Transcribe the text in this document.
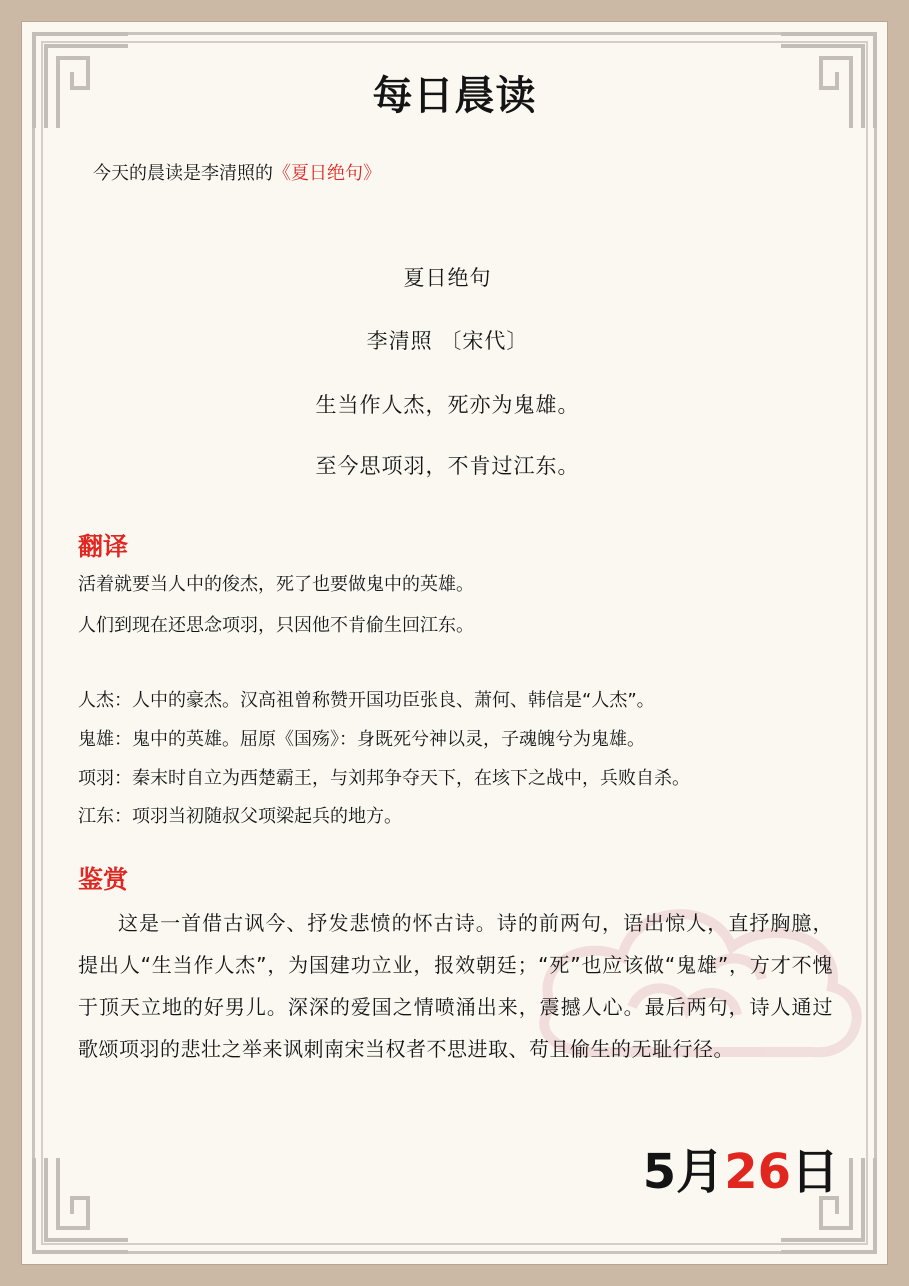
每日晨读
今天的晨读是李清照的《夏日绝句》
夏日绝句
李清照 〔宋代〕
生当作人杰，死亦为鬼雄。
至今思项羽，不肯过江东。
翻译
活着就要当人中的俊杰，死了也要做鬼中的英雄。
人们到现在还思念项羽，只因他不肯偷生回江东。
人杰：人中的豪杰。汉高祖曾称赞开国功臣张良、萧何、韩信是“人杰”。
鬼雄：鬼中的英雄。屈原《国殇》：身既死兮神以灵，子魂魄兮为鬼雄。
项羽：秦末时自立为西楚霸王，与刘邦争夺天下，在垓下之战中，兵败自杀。
江东：项羽当初随叔父项梁起兵的地方。
鉴赏

这是一首借古讽今、抒发悲愤的怀古诗。诗的前两句，语出惊人，直抒胸臆，提出人“生当作人杰”，为国建功立业，报效朝廷；“死”也应该做“鬼雄”，方才不愧于顶天立地的好男儿。深深的爱国之情喷涌出来，震撼人心。最后两句，诗人通过歌颂项羽的悲壮之举来讽刺南宋当权者不思进取、苟且偷生的无耻行径。

5月26日
